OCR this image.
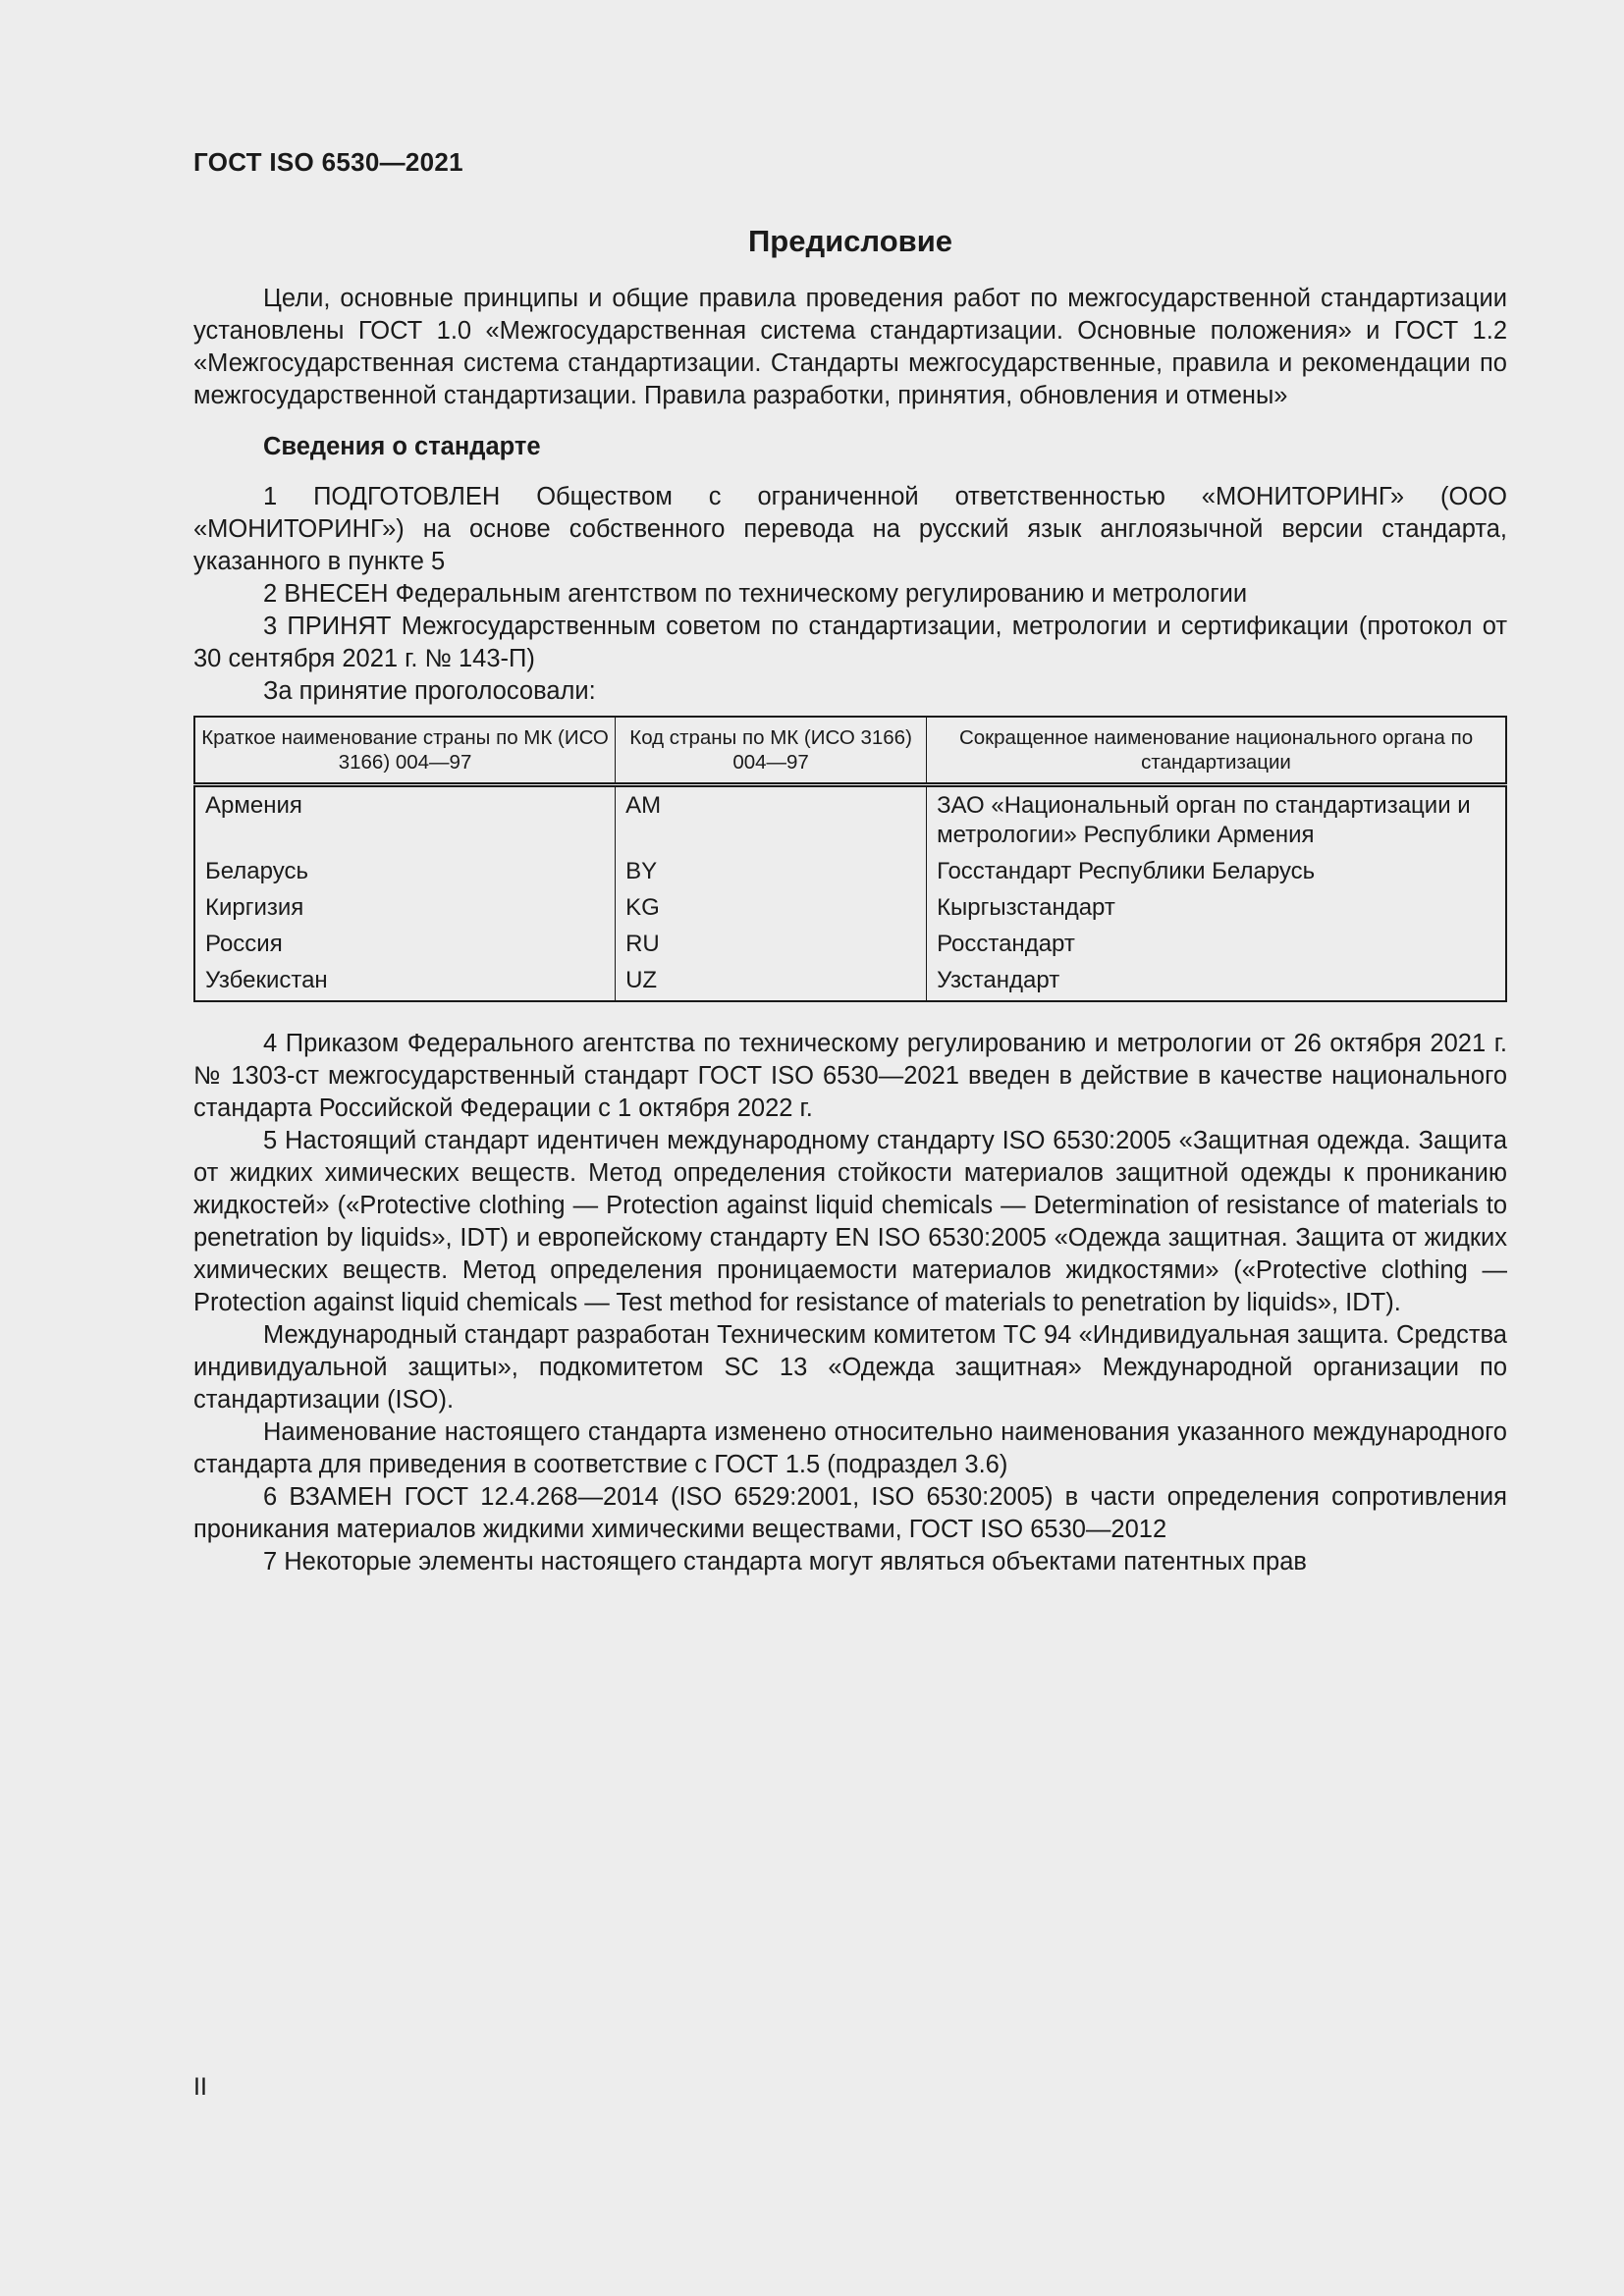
ГОСТ ISO 6530—2021
Предисловие

Цели, основные принципы и общие правила проведения работ по межгосударственной стандартизации установлены ГОСТ 1.0 «Межгосударственная система стандартизации. Основные положения» и ГОСТ 1.2 «Межгосударственная система стандартизации. Стандарты межгосударственные, правила и рекомендации по межгосударственной стандартизации. Правила разработки, принятия, обновления и отмены»

Сведения о стандарте

1 ПОДГОТОВЛЕН Обществом с ограниченной ответственностью «МОНИТОРИНГ» (ООО «МОНИТОРИНГ») на основе собственного перевода на русский язык англоязычной версии стандарта, указанного в пункте 5

2 ВНЕСЕН Федеральным агентством по техническому регулированию и метрологии

3 ПРИНЯТ Межгосударственным советом по стандартизации, метрологии и сертификации (протокол от 30 сентября 2021 г. № 143-П)

За принятие проголосовали:

Краткое наименование страны по МК (ИСО 3166) 004—97	Код страны по МК (ИСО 3166) 004—97	Сокращенное наименование национального органа по стандартизации
Армения	AM	ЗАО «Национальный орган по стандартизации и метрологии» Республики Армения
Беларусь	BY	Госстандарт Республики Беларусь
Киргизия	KG	Кыргызстандарт
Россия	RU	Росстандарт
Узбекистан	UZ	Узстандарт

4 Приказом Федерального агентства по техническому регулированию и метрологии от 26 октября 2021 г. № 1303-ст межгосударственный стандарт ГОСТ ISO 6530—2021 введен в действие в качестве национального стандарта Российской Федерации с 1 октября 2022 г.

5 Настоящий стандарт идентичен международному стандарту ISO 6530:2005 «Защитная одежда. Защита от жидких химических веществ. Метод определения стойкости материалов защитной одежды к прониканию жидкостей» («Protective clothing — Protection against liquid chemicals — Determination of resistance of materials to penetration by liquids», IDT) и европейскому стандарту EN ISO 6530:2005 «Одежда защитная. Защита от жидких химических веществ. Метод определения проницаемости материалов жидкостями» («Protective clothing — Protection against liquid chemicals — Test method for resistance of materials to penetration by liquids», IDT).

Международный стандарт разработан Техническим комитетом TC 94 «Индивидуальная защита. Средства индивидуальной защиты», подкомитетом SC 13 «Одежда защитная» Международной организации по стандартизации (ISO).

Наименование настоящего стандарта изменено относительно наименования указанного международного стандарта для приведения в соответствие с ГОСТ 1.5 (подраздел 3.6)

6 ВЗАМЕН ГОСТ 12.4.268—2014 (ISO 6529:2001, ISO 6530:2005) в части определения сопротивления проникания материалов жидкими химическими веществами, ГОСТ ISO 6530—2012

7 Некоторые элементы настоящего стандарта могут являться объектами патентных прав

II
